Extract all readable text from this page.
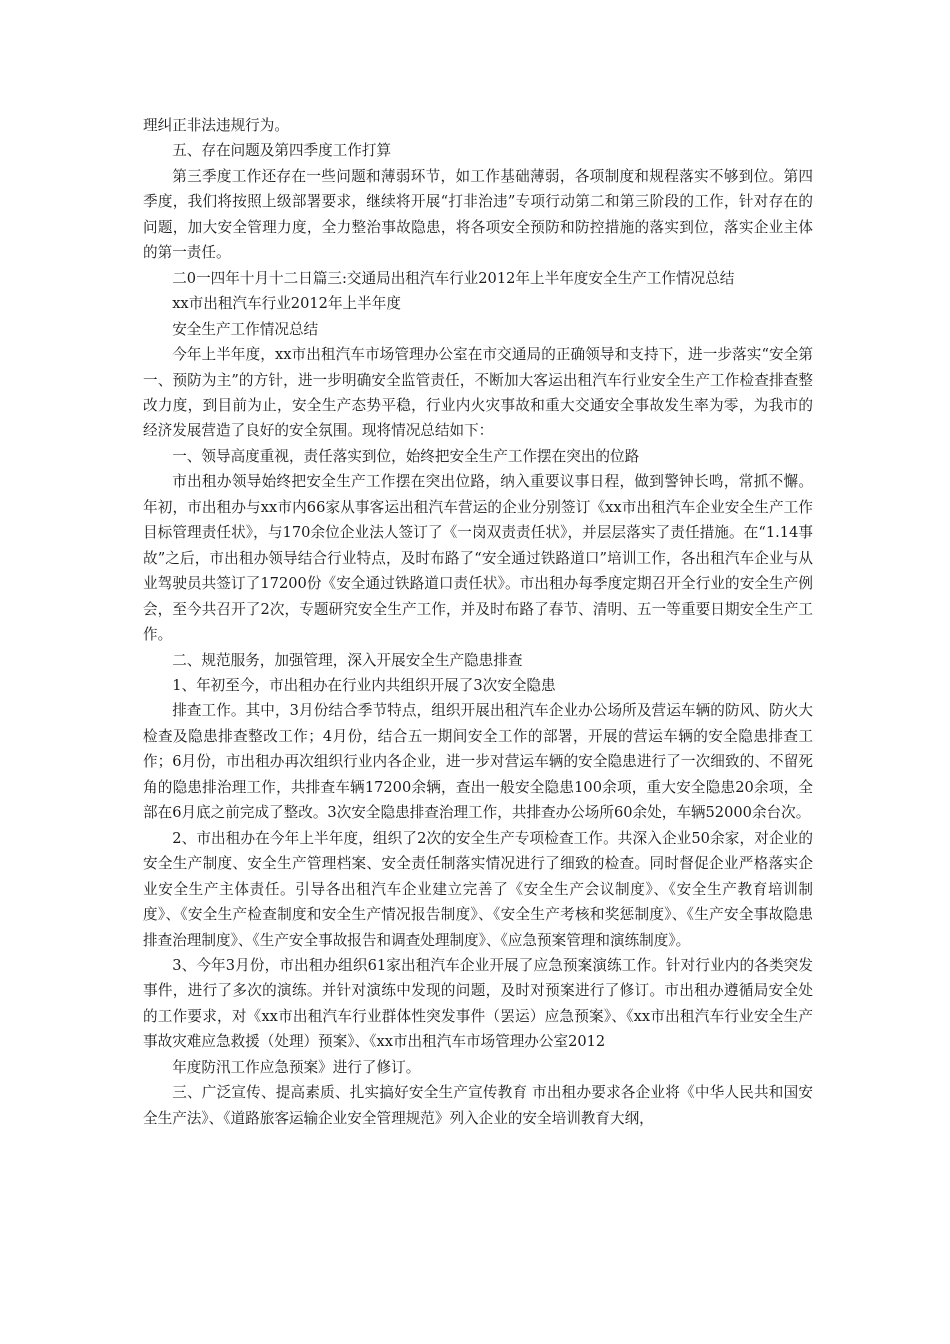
理纠正非法违规行为。

五、存在问题及第四季度工作打算

第三季度工作还存在一些问题和薄弱环节，如工作基础薄弱，各项制度和规程落实不够到位。第四季度，我们将按照上级部署要求，继续将开展“打非治违”专项行动第二和第三阶段的工作，针对存在的问题，加大安全管理力度，全力整治事故隐患，将各项安全预防和防控措施的落实到位，落实企业主体的第一责任。

二0一四年十月十二日篇三:交通局出租汽车行业2012年上半年度安全生产工作情况总结

xx市出租汽车行业2012年上半年度

安全生产工作情况总结

今年上半年度，xx市出租汽车市场管理办公室在市交通局的正确领导和支持下，进一步落实“安全第一、预防为主”的方针，进一步明确安全监管责任，不断加大客运出租汽车行业安全生产工作检查排查整改力度，到目前为止，安全生产态势平稳，行业内火灾事故和重大交通安全事故发生率为零，为我市的经济发展营造了良好的安全氛围。现将情况总结如下：

一、领导高度重视，责任落实到位，始终把安全生产工作摆在突出的位路

市出租办领导始终把安全生产工作摆在突出位路，纳入重要议事日程，做到警钟长鸣，常抓不懈。年初，市出租办与xx市内66家从事客运出租汽车营运的企业分别签订《xx市出租汽车企业安全生产工作目标管理责任状》，与170余位企业法人签订了《一岗双责责任状》，并层层落实了责任措施。在“1.14事故”之后，市出租办领导结合行业特点，及时布路了“安全通过铁路道口”培训工作，各出租汽车企业与从业驾驶员共签订了17200份《安全通过铁路道口责任状》。市出租办每季度定期召开全行业的安全生产例会，至今共召开了2次，专题研究安全生产工作，并及时布路了春节、清明、五一等重要日期安全生产工作。

二、规范服务，加强管理，深入开展安全生产隐患排查

1、年初至今，市出租办在行业内共组织开展了3次安全隐患

排查工作。其中，3月份结合季节特点，组织开展出租汽车企业办公场所及营运车辆的防风、防火大检查及隐患排查整改工作；4月份，结合五一期间安全工作的部署，开展的营运车辆的安全隐患排查工作；6月份，市出租办再次组织行业内各企业，进一步对营运车辆的安全隐患进行了一次细致的、不留死角的隐患排治理工作，共排查车辆17200余辆，查出一般安全隐患100余项，重大安全隐患20余项，全部在6月底之前完成了整改。3次安全隐患排查治理工作，共排查办公场所60余处，车辆52000余台次。

2、市出租办在今年上半年度，组织了2次的安全生产专项检查工作。共深入企业50余家，对企业的安全生产制度、安全生产管理档案、安全责任制落实情况进行了细致的检查。同时督促企业严格落实企业安全生产主体责任。引导各出租汽车企业建立完善了《安全生产会议制度》、《安全生产教育培训制度》、《安全生产检查制度和安全生产情况报告制度》、《安全生产考核和奖惩制度》、《生产安全事故隐患排查治理制度》、《生产安全事故报告和调查处理制度》、《应急预案管理和演练制度》。

3、今年3月份，市出租办组织61家出租汽车企业开展了应急预案演练工作。针对行业内的各类突发事件，进行了多次的演练。并针对演练中发现的问题，及时对预案进行了修订。市出租办遵循局安全处的工作要求，对《xx市出租汽车行业群体性突发事件（罢运）应急预案》、《xx市出租汽车行业安全生产事故灾难应急救援（处理）预案》、《xx市出租汽车市场管理办公室2012

年度防汛工作应急预案》进行了修订。

三、广泛宣传、提高素质、扎实搞好安全生产宣传教育 市出租办要求各企业将《中华人民共和国安全生产法》、《道路旅客运输企业安全管理规范》列入企业的安全培训教育大纲，
